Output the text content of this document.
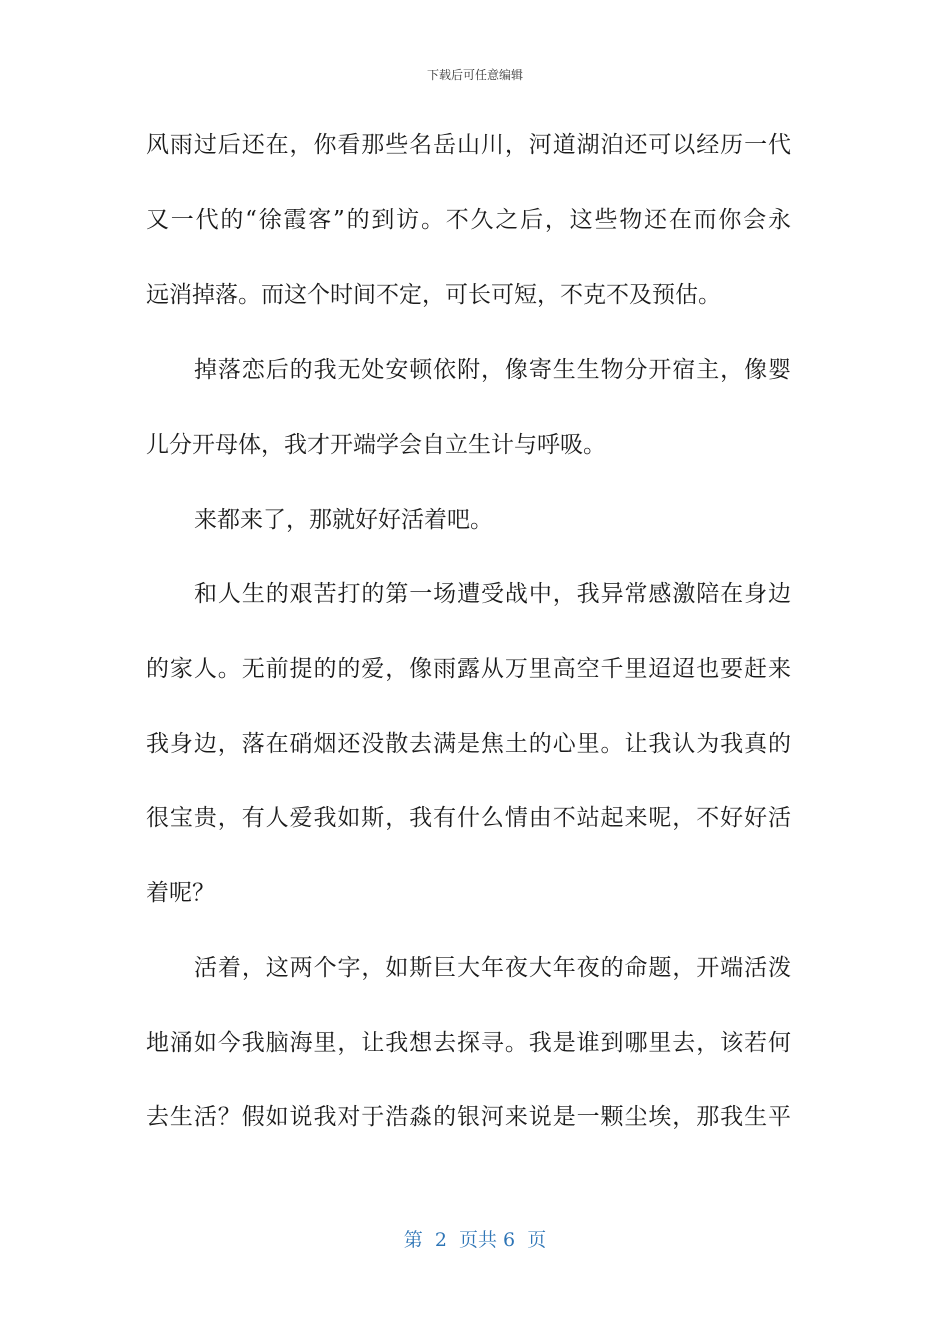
下载后可任意编辑
风雨过后还在，你看那些名岳山川，河道湖泊还可以经历一代
又一代的“徐霞客”的到访。不久之后，这些物还在而你会永
远消掉落。而这个时间不定，可长可短，不克不及预估。
掉落恋后的我无处安顿依附，像寄生生物分开宿主，像婴
儿分开母体，我才开端学会自立生计与呼吸。
来都来了，那就好好活着吧。
和人生的艰苦打的第一场遭受战中，我异常感激陪在身边
的家人。无前提的的爱，像雨露从万里高空千里迢迢也要赶来
我身边，落在硝烟还没散去满是焦土的心里。让我认为我真的
很宝贵，有人爱我如斯，我有什么情由不站起来呢，不好好活
着呢？
活着，这两个字，如斯巨大年夜大年夜的命题，开端活泼
地涌如今我脑海里，让我想去探寻。我是谁到哪里去，该若何
去生活？假如说我对于浩淼的银河来说是一颗尘埃，那我生平
第  2  页共 6  页
